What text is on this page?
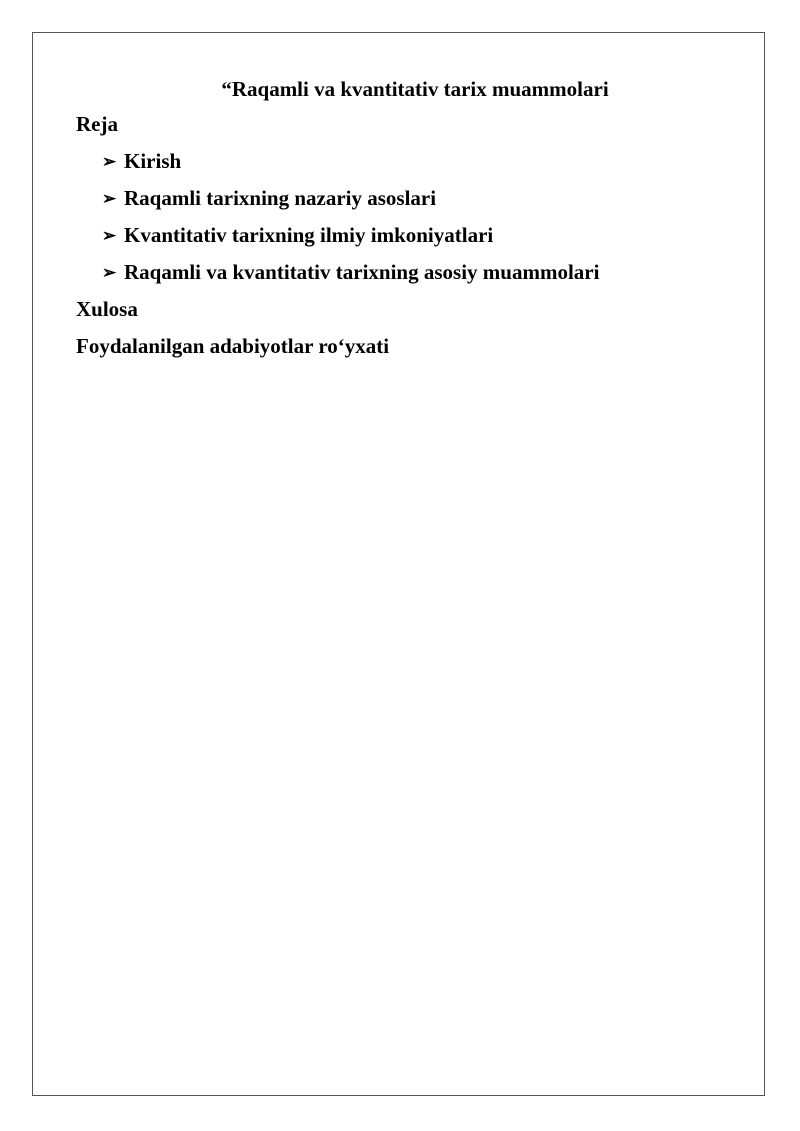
“Raqamli va kvantitativ tarix muammolari

Reja

➢ Kirish
➢ Raqamli tarixning nazariy asoslari
➢ Kvantitativ tarixning ilmiy imkoniyatlari
➢ Raqamli va kvantitativ tarixning asosiy muammolari

Xulosa

Foydalanilgan adabiyotlar ro‘yxati
